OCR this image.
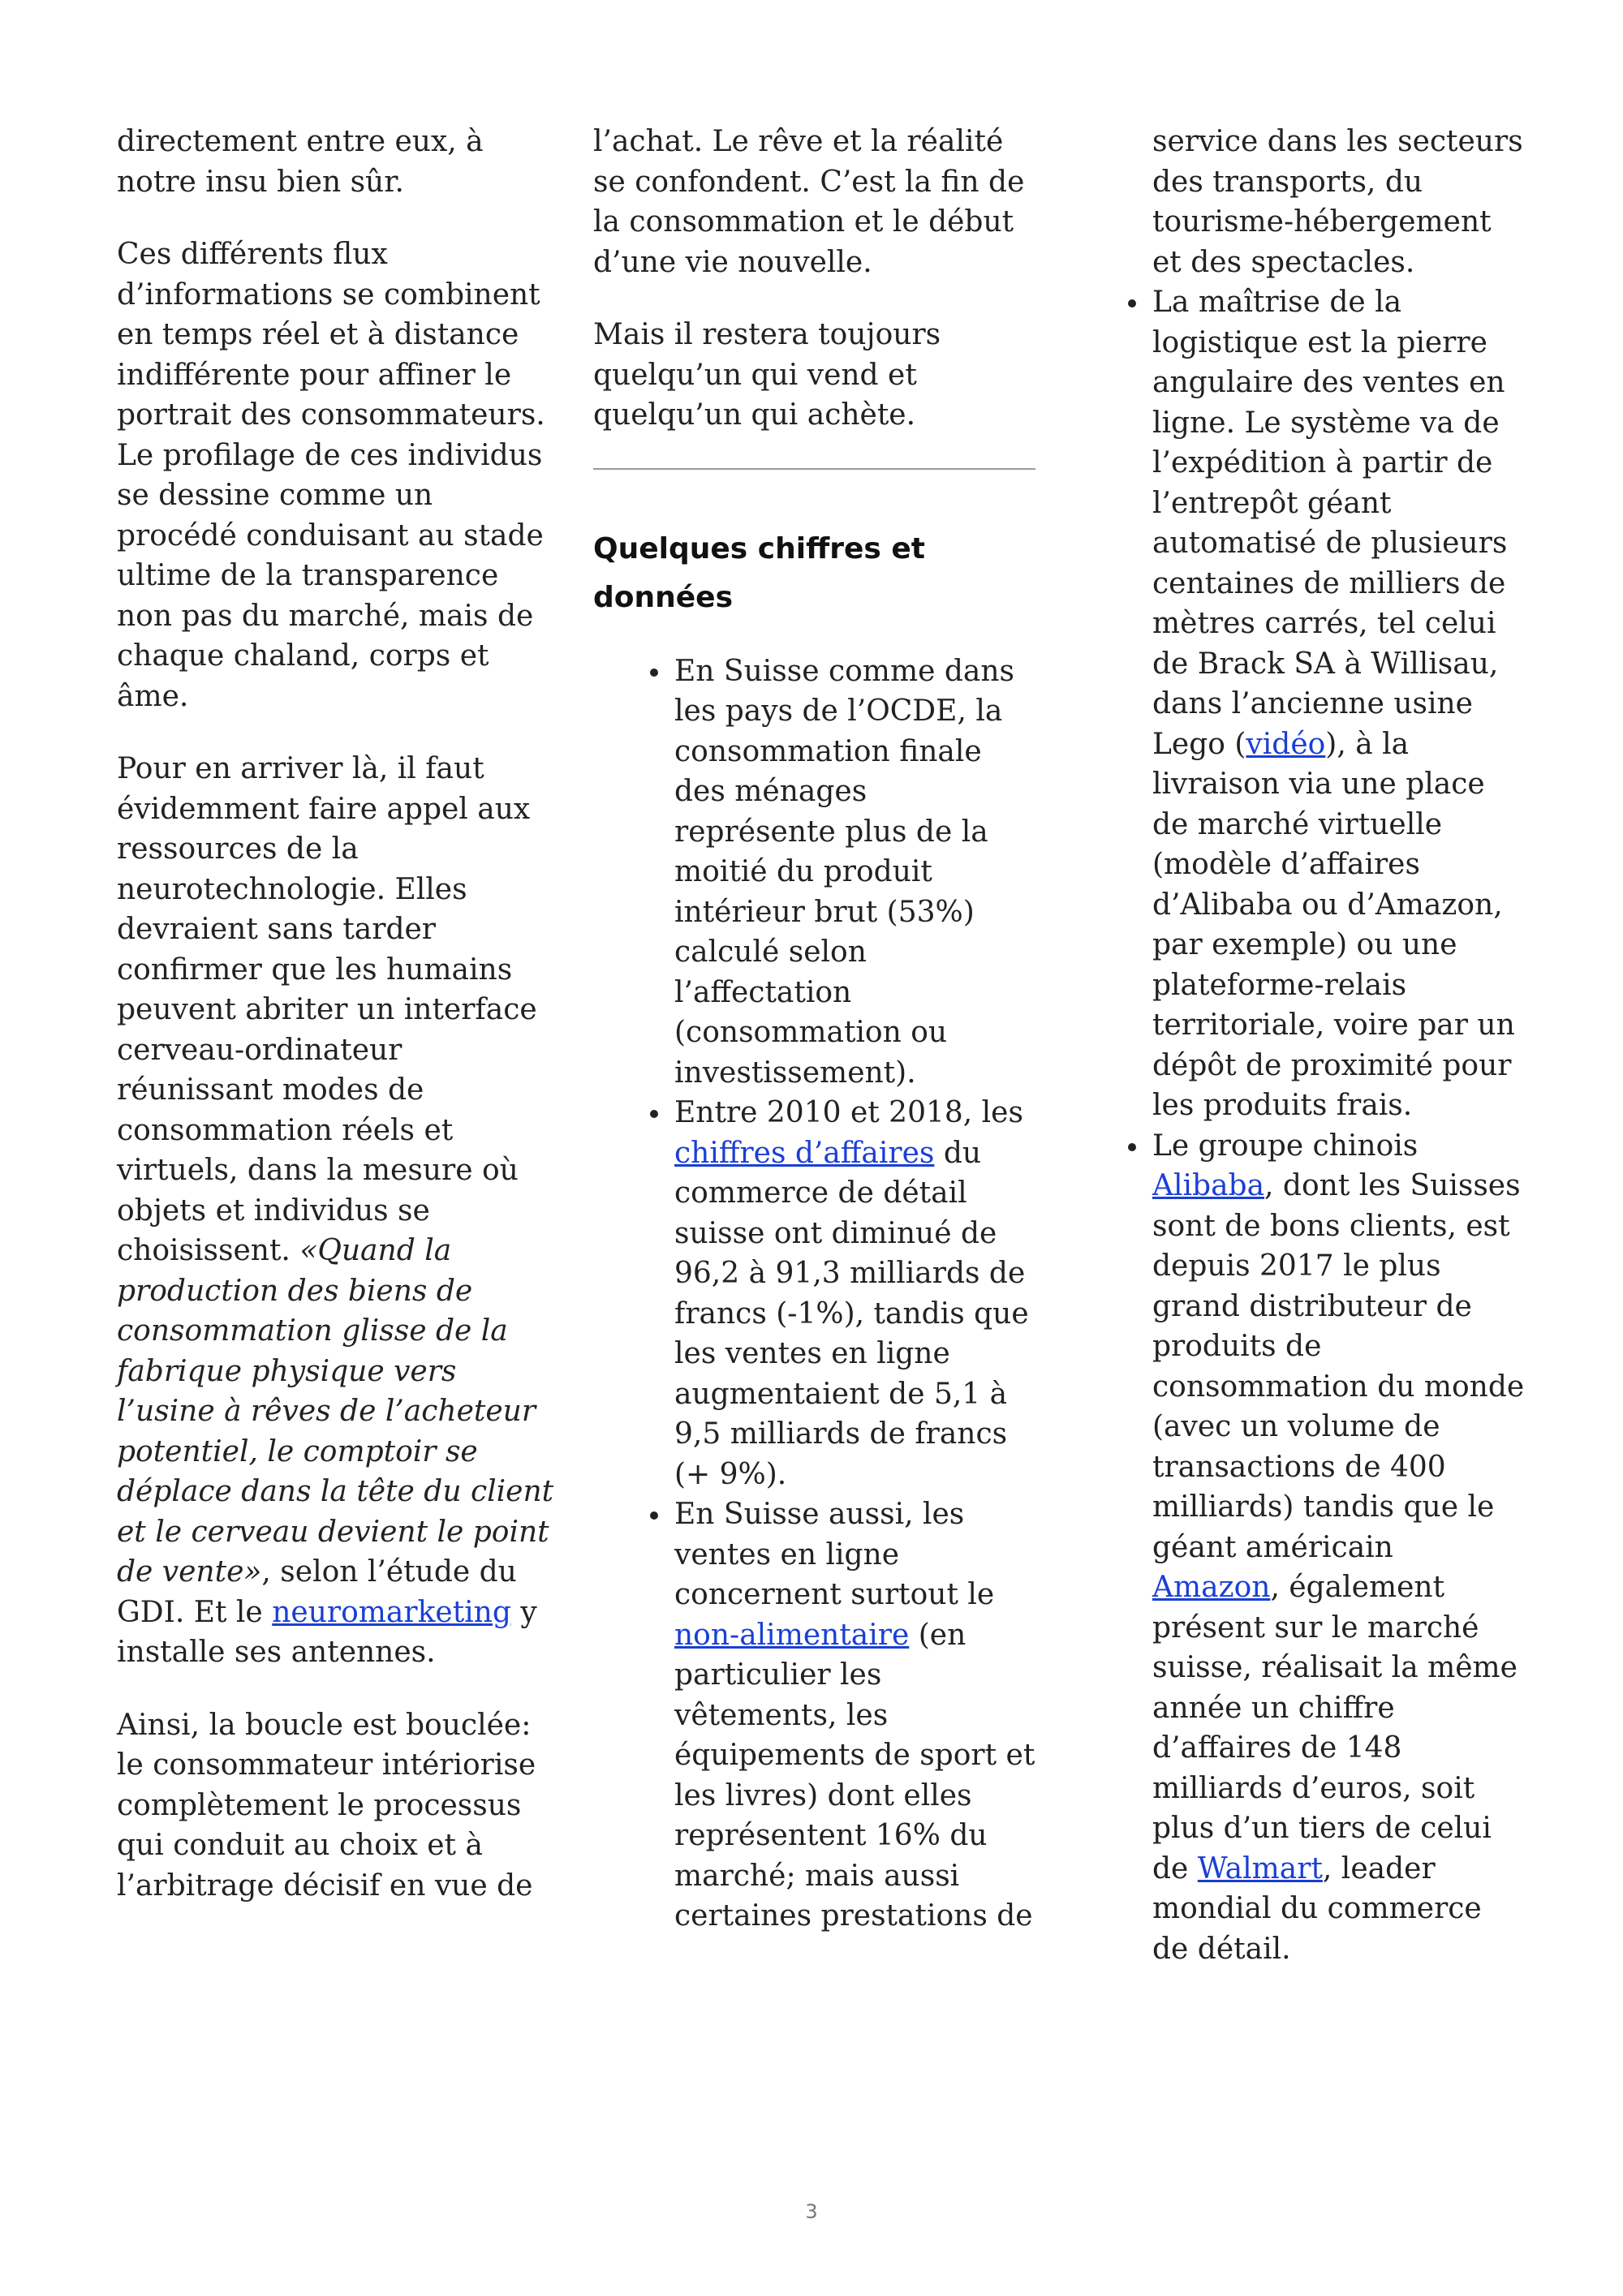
directement entre eux, à notre insu bien sûr.

Ces différents flux d’informations se combinent en temps réel et à distance indifférente pour affiner le portrait des consommateurs. Le profilage de ces individus se dessine comme un procédé conduisant au stade ultime de la transparence non pas du marché, mais de chaque chaland, corps et âme.

Pour en arriver là, il faut évidemment faire appel aux ressources de la neurotechnologie. Elles devraient sans tarder confirmer que les humains peuvent abriter un interface cerveau-ordinateur réunissant modes de consommation réels et virtuels, dans la mesure où objets et individus se choisissent. «Quand la production des biens de consommation glisse de la fabrique physique vers l’usine à rêves de l’acheteur potentiel, le comptoir se déplace dans la tête du client et le cerveau devient le point de vente», selon l’étude du GDI. Et le neuromarketing y installe ses antennes.

Ainsi, la boucle est bouclée: le consommateur intériorise complètement le processus qui conduit au choix et à l’arbitrage décisif en vue de

l’achat. Le rêve et la réalité se confondent. C’est la fin de la consommation et le début d’une vie nouvelle.

Mais il restera toujours quelqu’un qui vend et quelqu’un qui achète.

Quelques chiffres et données
En Suisse comme dans les pays de l’OCDE, la consommation finale des ménages représente plus de la moitié du produit intérieur brut (53%) calculé selon l’affectation (consommation ou investissement).
Entre 2010 et 2018, les chiffres d’affaires du commerce de détail suisse ont diminué de 96,2 à 91,3 milliards de francs (-1%), tandis que les ventes en ligne augmentaient de 5,1 à 9,5 milliards de francs (+ 9%).
En Suisse aussi, les ventes en ligne concernent surtout le non-alimentaire (en particulier les vêtements, les équipements de sport et les livres) dont elles représentent 16% du marché; mais aussi certaines prestations de
service dans les secteurs des transports, du tourisme-hébergement et des spectacles.
La maîtrise de la logistique est la pierre angulaire des ventes en ligne. Le système va de l’expédition à partir de l’entrepôt géant automatisé de plusieurs centaines de milliers de mètres carrés, tel celui de Brack SA à Willisau, dans l’ancienne usine Lego (vidéo), à la livraison via une place de marché virtuelle (modèle d’affaires d’Alibaba ou d’Amazon, par exemple) ou une plateforme-relais territoriale, voire par un dépôt de proximité pour les produits frais.
Le groupe chinois Alibaba, dont les Suisses sont de bons clients, est depuis 2017 le plus grand distributeur de produits de consommation du monde (avec un volume de transactions de 400 milliards) tandis que le géant américain Amazon, également présent sur le marché suisse, réalisait la même année un chiffre d’affaires de 148 milliards d’euros, soit plus d’un tiers de celui de Walmart, leader mondial du commerce de détail.
3
